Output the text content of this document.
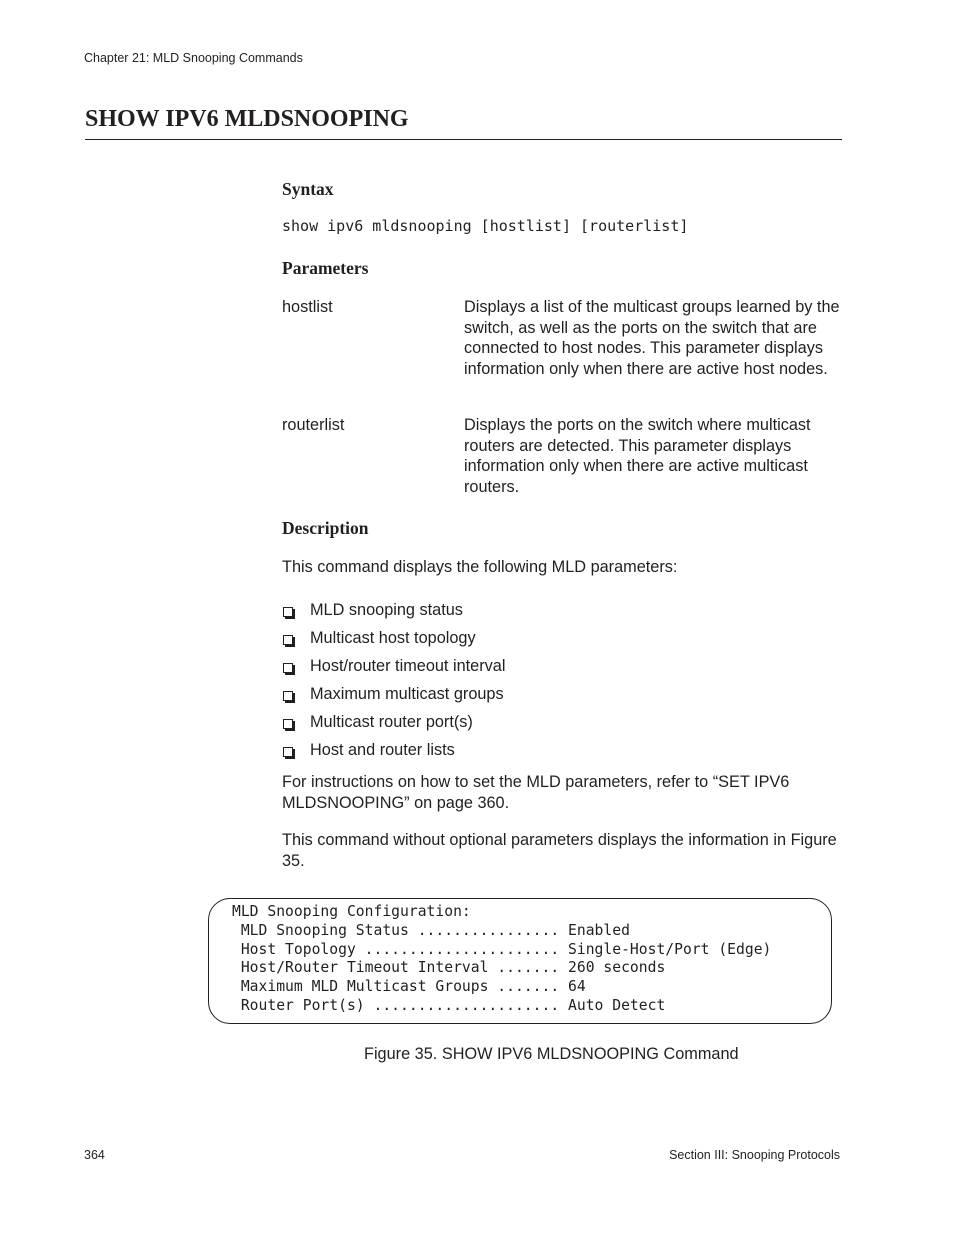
Chapter 21: MLD Snooping Commands
SHOW IPV6 MLDSNOOPING
Syntax
show ipv6 mldsnooping [hostlist] [routerlist]
Parameters
hostlist	Displays a list of the multicast groups learned by the switch, as well as the ports on the switch that are connected to host nodes. This parameter displays information only when there are active host nodes.
routerlist	Displays the ports on the switch where multicast routers are detected. This parameter displays information only when there are active multicast routers.
Description
This command displays the following MLD parameters:
MLD snooping status
Multicast host topology
Host/router timeout interval
Maximum multicast groups
Multicast router port(s)
Host and router lists
For instructions on how to set the MLD parameters, refer to “SET IPV6 MLDSNOOPING” on page 360.
This command without optional parameters displays the information in Figure 35.
MLD Snooping Configuration:
MLD Snooping Status ................ Enabled
Host Topology ...................... Single-Host/Port (Edge)
Host/Router Timeout Interval ....... 260 seconds
Maximum MLD Multicast Groups ....... 64
Router Port(s) ..................... Auto Detect
Figure 35. SHOW IPV6 MLDSNOOPING Command
364	Section III: Snooping Protocols
